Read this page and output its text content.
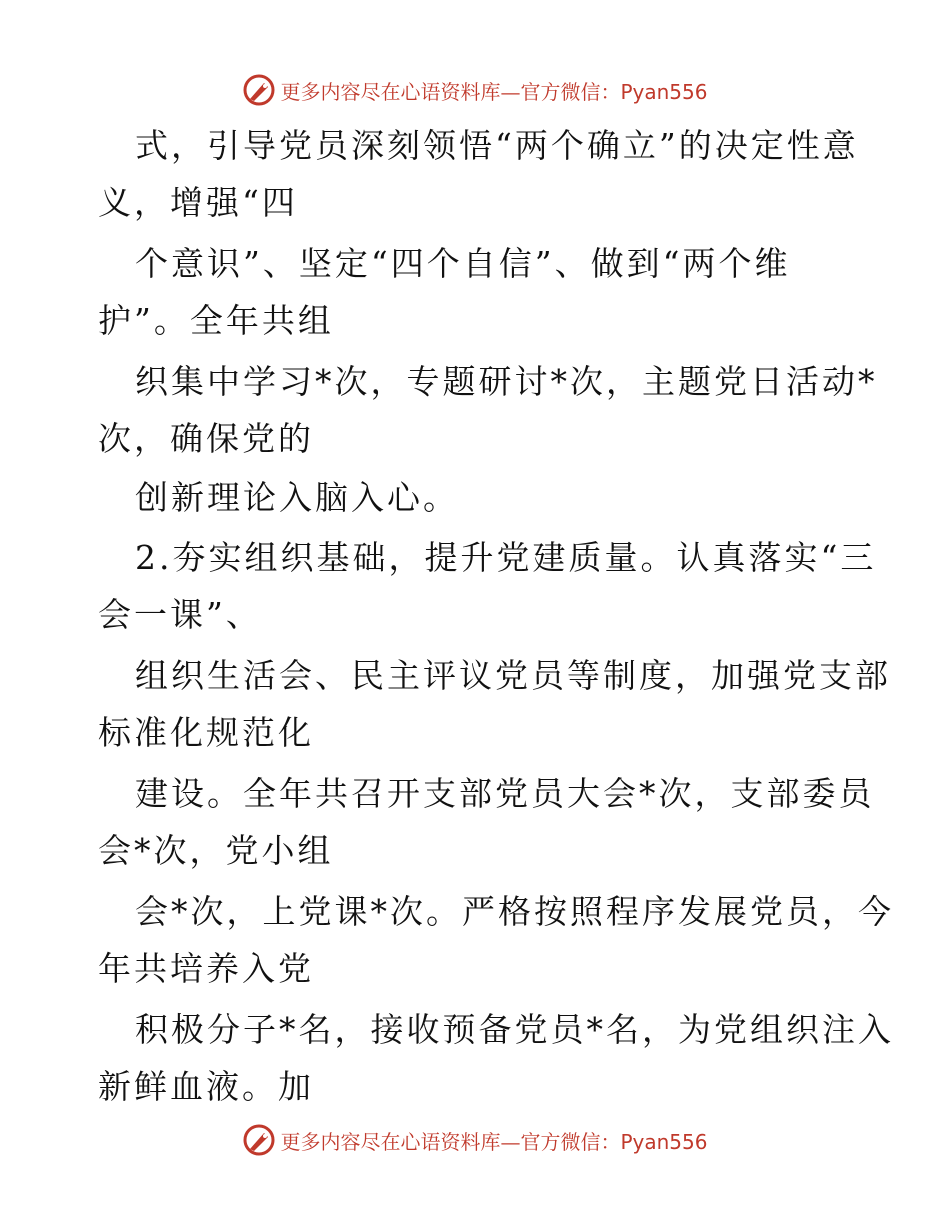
更多内容尽在心语资料库—官方微信：Pyan556
式，引导党员深刻领悟“两个确立”的决定性意
义，增强“四
个意识”、坚定“四个自信”、做到“两个维
护”。全年共组
织集中学习*次，专题研讨*次，主题党日活动*
次，确保党的
创新理论入脑入心。
2.夯实组织基础，提升党建质量。认真落实“三
会一课”、
组织生活会、民主评议党员等制度，加强党支部
标准化规范化
建设。全年共召开支部党员大会*次，支部委员
会*次，党小组
会*次，上党课*次。严格按照程序发展党员，今
年共培养入党
积极分子*名，接收预备党员*名，为党组织注入
新鲜血液。加
更多内容尽在心语资料库—官方微信：Pyan556
